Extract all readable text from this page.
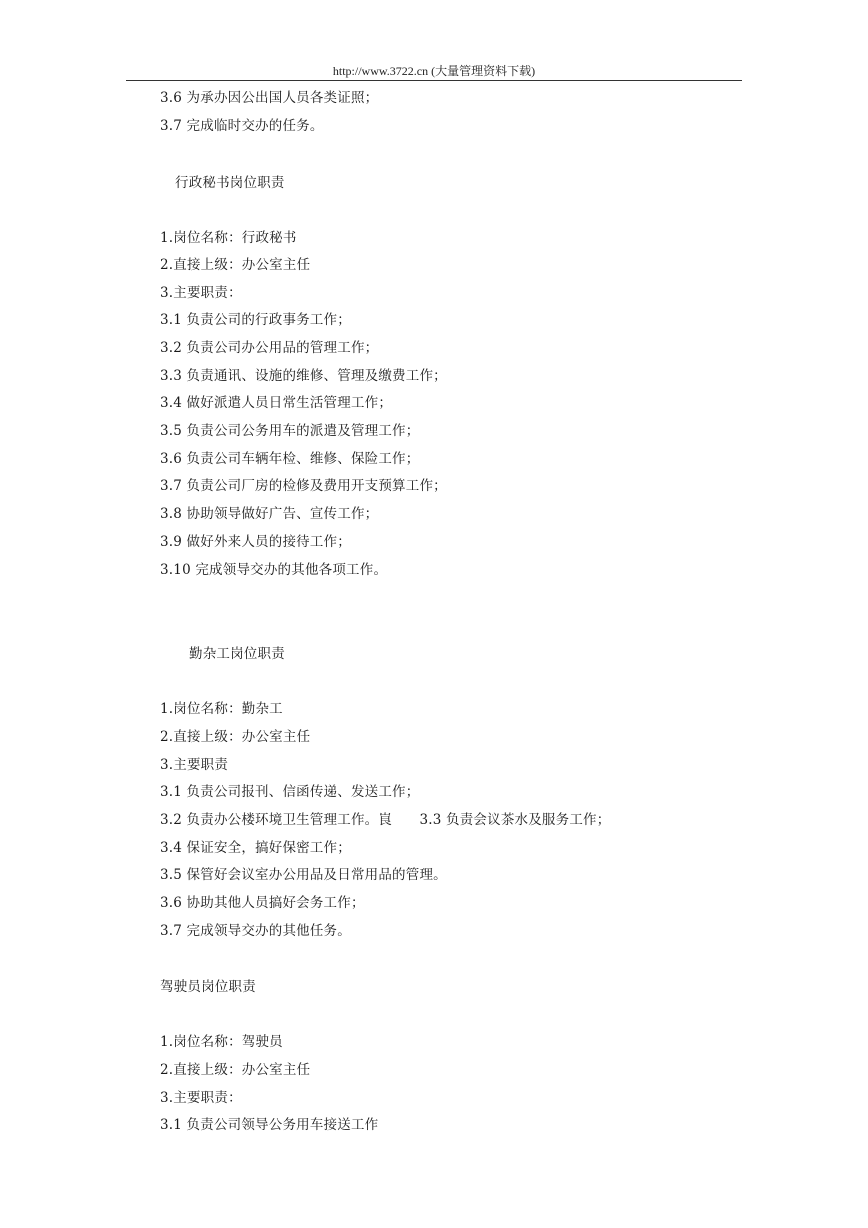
http://www.3722.cn (大量管理资料下载)
3.6 为承办因公出国人员各类证照；
3.7 完成临时交办的任务。
行政秘书岗位职责
1.岗位名称：行政秘书
2.直接上级：办公室主任
3.主要职责：
3.1 负责公司的行政事务工作；
3.2 负责公司办公用品的管理工作；
3.3 负责通讯、设施的维修、管理及缴费工作；
3.4 做好派遣人员日常生活管理工作；
3.5 负责公司公务用车的派遣及管理工作；
3.6 负责公司车辆年检、维修、保险工作；
3.7 负责公司厂房的检修及费用开支预算工作；
3.8 协助领导做好广告、宣传工作；
3.9 做好外来人员的接待工作；
3.10 完成领导交办的其他各项工作。
勤杂工岗位职责
1.岗位名称：勤杂工
2.直接上级：办公室主任
3.主要职责
3.1 负责公司报刊、信函传递、发送工作；
3.2 负责办公楼环境卫生管理工作。峎　　3.3 负责会议茶水及服务工作；
3.4 保证安全，搞好保密工作；
3.5 保管好会议室办公用品及日常用品的管理。
3.6 协助其他人员搞好会务工作；
3.7 完成领导交办的其他任务。
驾驶员岗位职责
1.岗位名称：驾驶员
2.直接上级：办公室主任
3.主要职责：
3.1 负责公司领导公务用车接送工作
